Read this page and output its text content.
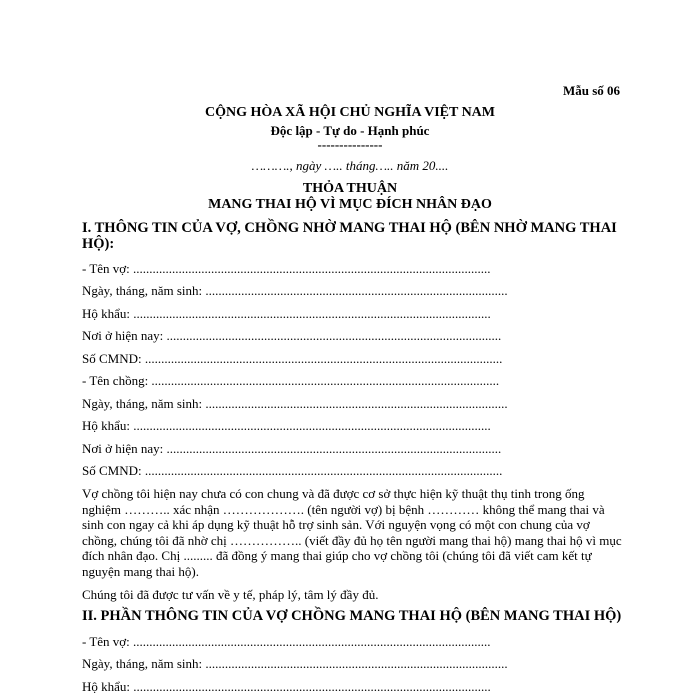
Mẫu số 06
CỘNG HÒA XÃ HỘI CHỦ NGHĨA VIỆT NAM
Độc lập - Tự do - Hạnh phúc
---------------
………., ngày ….. tháng….. năm 20....
THỎA THUẬN
MANG THAI HỘ VÌ MỤC ĐÍCH NHÂN ĐẠO
I. THÔNG TIN CỦA VỢ, CHỒNG NHỜ MANG THAI HỘ (BÊN NHỜ MANG THAI HỘ):
- Tên vợ: ..............................................................................................................
Ngày, tháng, năm sinh: .............................................................................................
Hộ khẩu: ..............................................................................................................
Nơi ở hiện nay: .......................................................................................................
Số CMND: ..............................................................................................................
- Tên chồng: ...........................................................................................................
Ngày, tháng, năm sinh: .............................................................................................
Hộ khẩu: ..............................................................................................................
Nơi ở hiện nay: .......................................................................................................
Số CMND: ..............................................................................................................
Vợ chồng tôi hiện nay chưa có con chung và đã được cơ sở thực hiện kỹ thuật thụ tinh trong ống nghiệm ……….. xác nhận ………………. (tên người vợ) bị bệnh ………… không thể mang thai và sinh con ngay cả khi áp dụng kỹ thuật hỗ trợ sinh sản. Với nguyện vọng có một con chung của vợ chồng, chúng tôi đã nhờ chị …………….. (viết đầy đủ họ tên người mang thai hộ) mang thai hộ vì mục đích nhân đạo. Chị ......... đã đồng ý mang thai giúp cho vợ chồng tôi (chúng tôi đã viết cam kết tự nguyện mang thai hộ).
Chúng tôi đã được tư vấn về y tế, pháp lý, tâm lý đầy đủ.
II. PHẦN THÔNG TIN CỦA VỢ CHỒNG MANG THAI HỘ (BÊN MANG THAI HỘ)
- Tên vợ: ..............................................................................................................
Ngày, tháng, năm sinh: .............................................................................................
Hộ khẩu: ..............................................................................................................
